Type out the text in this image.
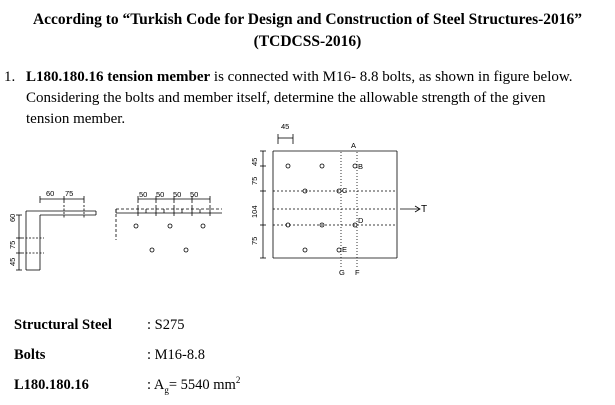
According to “Turkish Code for Design and Construction of Steel Structures-2016”
(TCDCSS-2016)
1. L180.180.16 tension member is connected with M16- 8.8 bolts, as shown in figure below.
Considering the bolts and member itself, determine the allowable strength of the given
tension member.
60 75
60
75
45
50 50 50 50
45
75
45
104
75
A
B
C
D
E
G F
T
Structural Steel : S275
Bolts	: M16-8.8
L180.180.16	: $A_g= 5540$ $mm^2$
